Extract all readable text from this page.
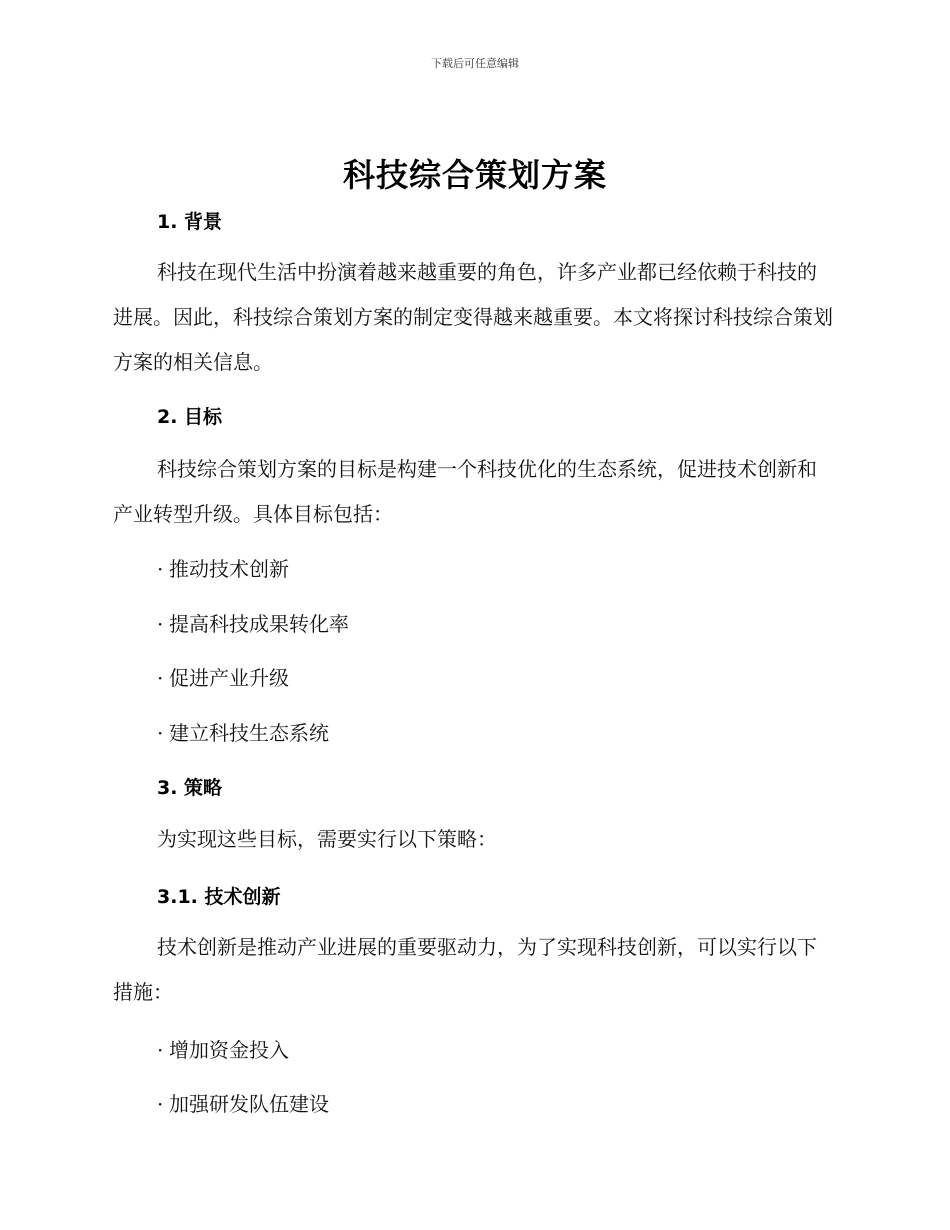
下载后可任意编辑
科技综合策划方案
1. 背景

科技在现代生活中扮演着越来越重要的角色，许多产业都已经依赖于科技的进展。因此，科技综合策划方案的制定变得越来越重要。本文将探讨科技综合策划方案的相关信息。

2. 目标

科技综合策划方案的目标是构建一个科技优化的生态系统，促进技术创新和产业转型升级。具体目标包括：

· 推动技术创新
· 提高科技成果转化率
· 促进产业升级
· 建立科技生态系统
3. 策略

为实现这些目标，需要实行以下策略：

3.1. 技术创新

技术创新是推动产业进展的重要驱动力，为了实现科技创新，可以实行以下措施：

· 增加资金投入
· 加强研发队伍建设
